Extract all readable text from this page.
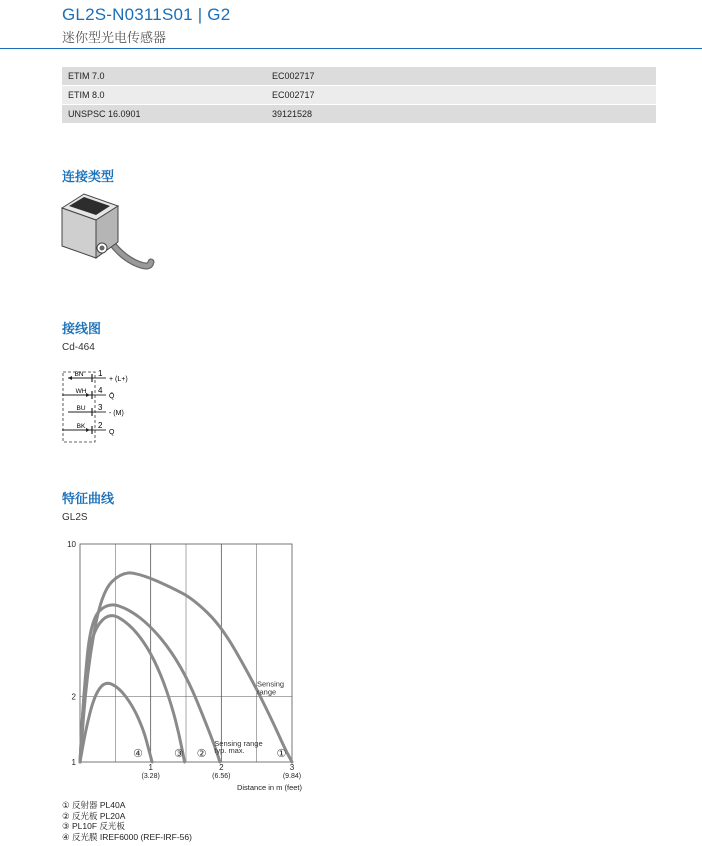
GL2S-N0311S01 | G2
迷你型光电传感器
ETIM 7.0	EC002717
ETIM 8.0	EC002717
UNSPSC 16.0901	39121528
连接类型
接线图
Cd-464
BN 1
+ (L+)
WH 4
Q̄
BU 3
- (M)
BK 2
Q
特征曲线
GL2S
10
2
1
1
(3.28)
2
(6.56)
3
(9.84)
Distance in m (feet)
①
②
③
④
Sensing
range
Sensing range
typ. max.
① 反射器 PL40A
② 反光板 PL20A
③ PL10F 反光板
④ 反光膜 IREF6000 (REF-IRF-56)
